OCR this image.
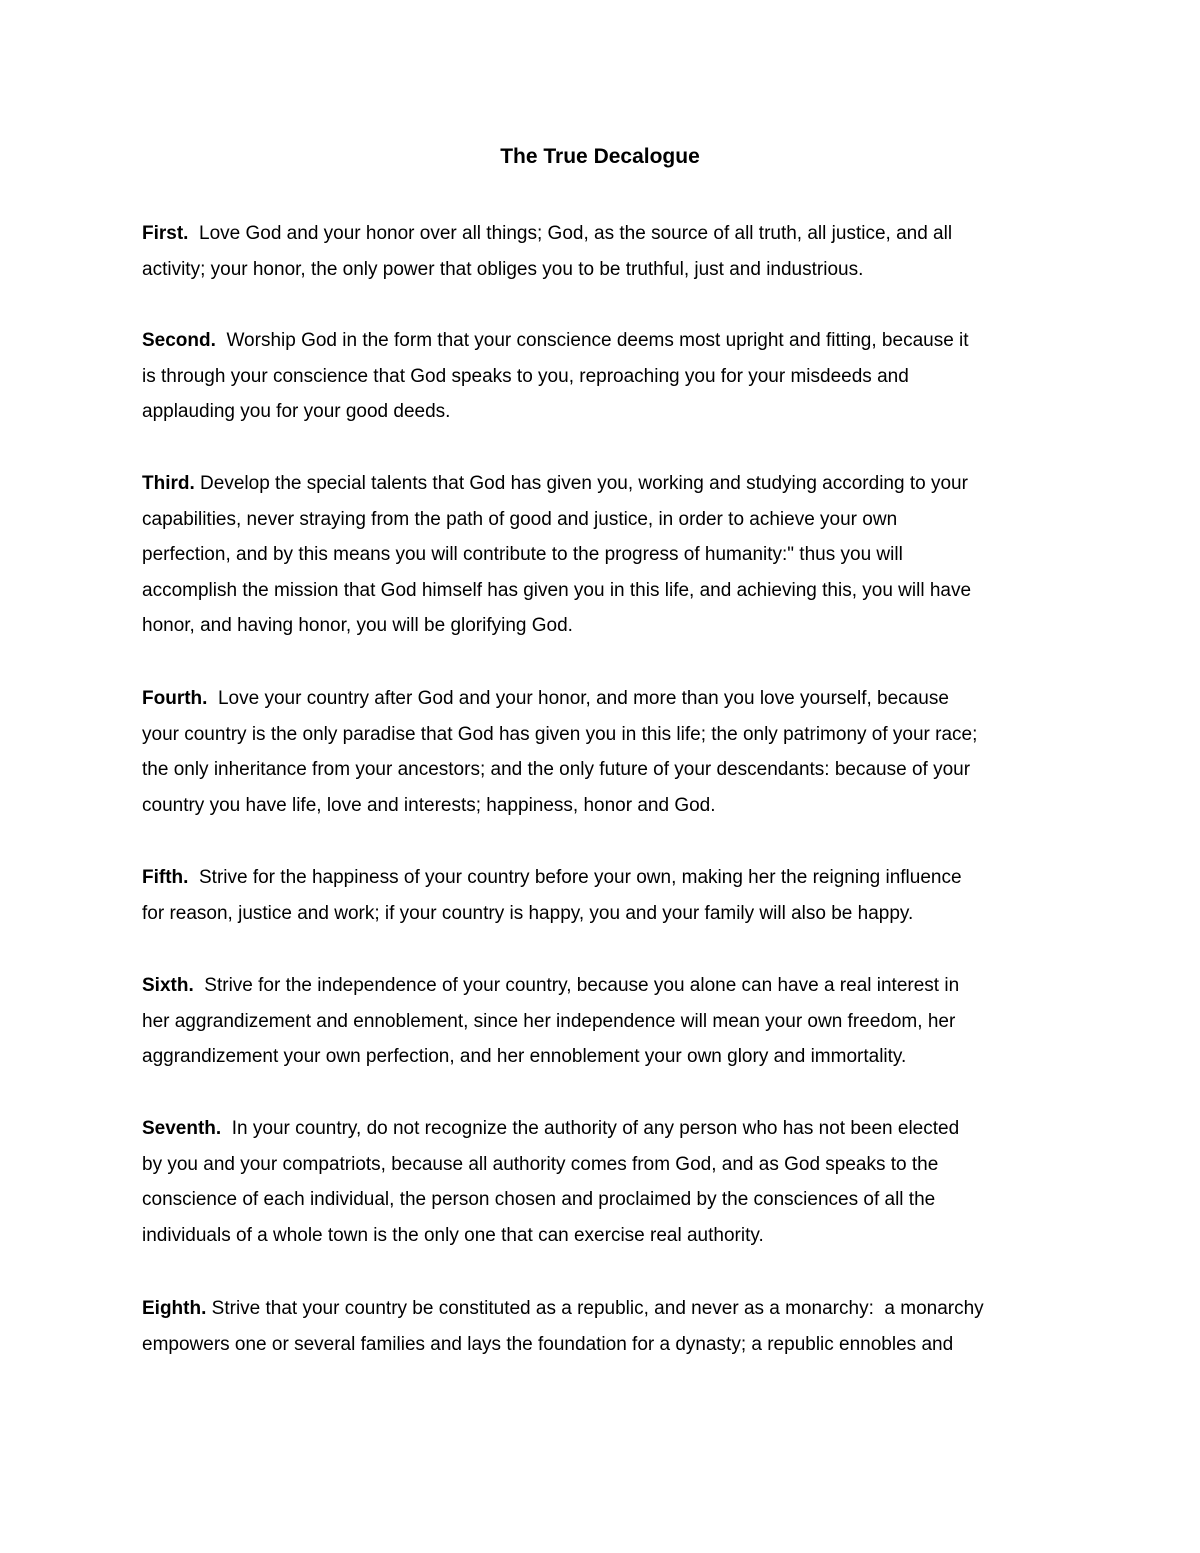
The True Decalogue

First.  Love God and your honor over all things; God, as the source of all truth, all justice, and all
activity; your honor, the only power that obliges you to be truthful, just and industrious.

Second.  Worship God in the form that your conscience deems most upright and fitting, because it
is through your conscience that God speaks to you, reproaching you for your misdeeds and
applauding you for your good deeds.

Third. Develop the special talents that God has given you, working and studying according to your
capabilities, never straying from the path of good and justice, in order to achieve your own
perfection, and by this means you will contribute to the progress of humanity:" thus you will
accomplish the mission that God himself has given you in this life, and achieving this, you will have
honor, and having honor, you will be glorifying God.

Fourth.  Love your country after God and your honor, and more than you love yourself, because
your country is the only paradise that God has given you in this life; the only patrimony of your race;
the only inheritance from your ancestors; and the only future of your descendants: because of your
country you have life, love and interests; happiness, honor and God.

Fifth.  Strive for the happiness of your country before your own, making her the reigning influence
for reason, justice and work; if your country is happy, you and your family will also be happy.

Sixth.  Strive for the independence of your country, because you alone can have a real interest in
her aggrandizement and ennoblement, since her independence will mean your own freedom, her
aggrandizement your own perfection, and her ennoblement your own glory and immortality.

Seventh.  In your country, do not recognize the authority of any person who has not been elected
by you and your compatriots, because all authority comes from God, and as God speaks to the
conscience of each individual, the person chosen and proclaimed by the consciences of all the
individuals of a whole town is the only one that can exercise real authority.

Eighth. Strive that your country be constituted as a republic, and never as a monarchy:  a monarchy
empowers one or several families and lays the foundation for a dynasty; a republic ennobles and
